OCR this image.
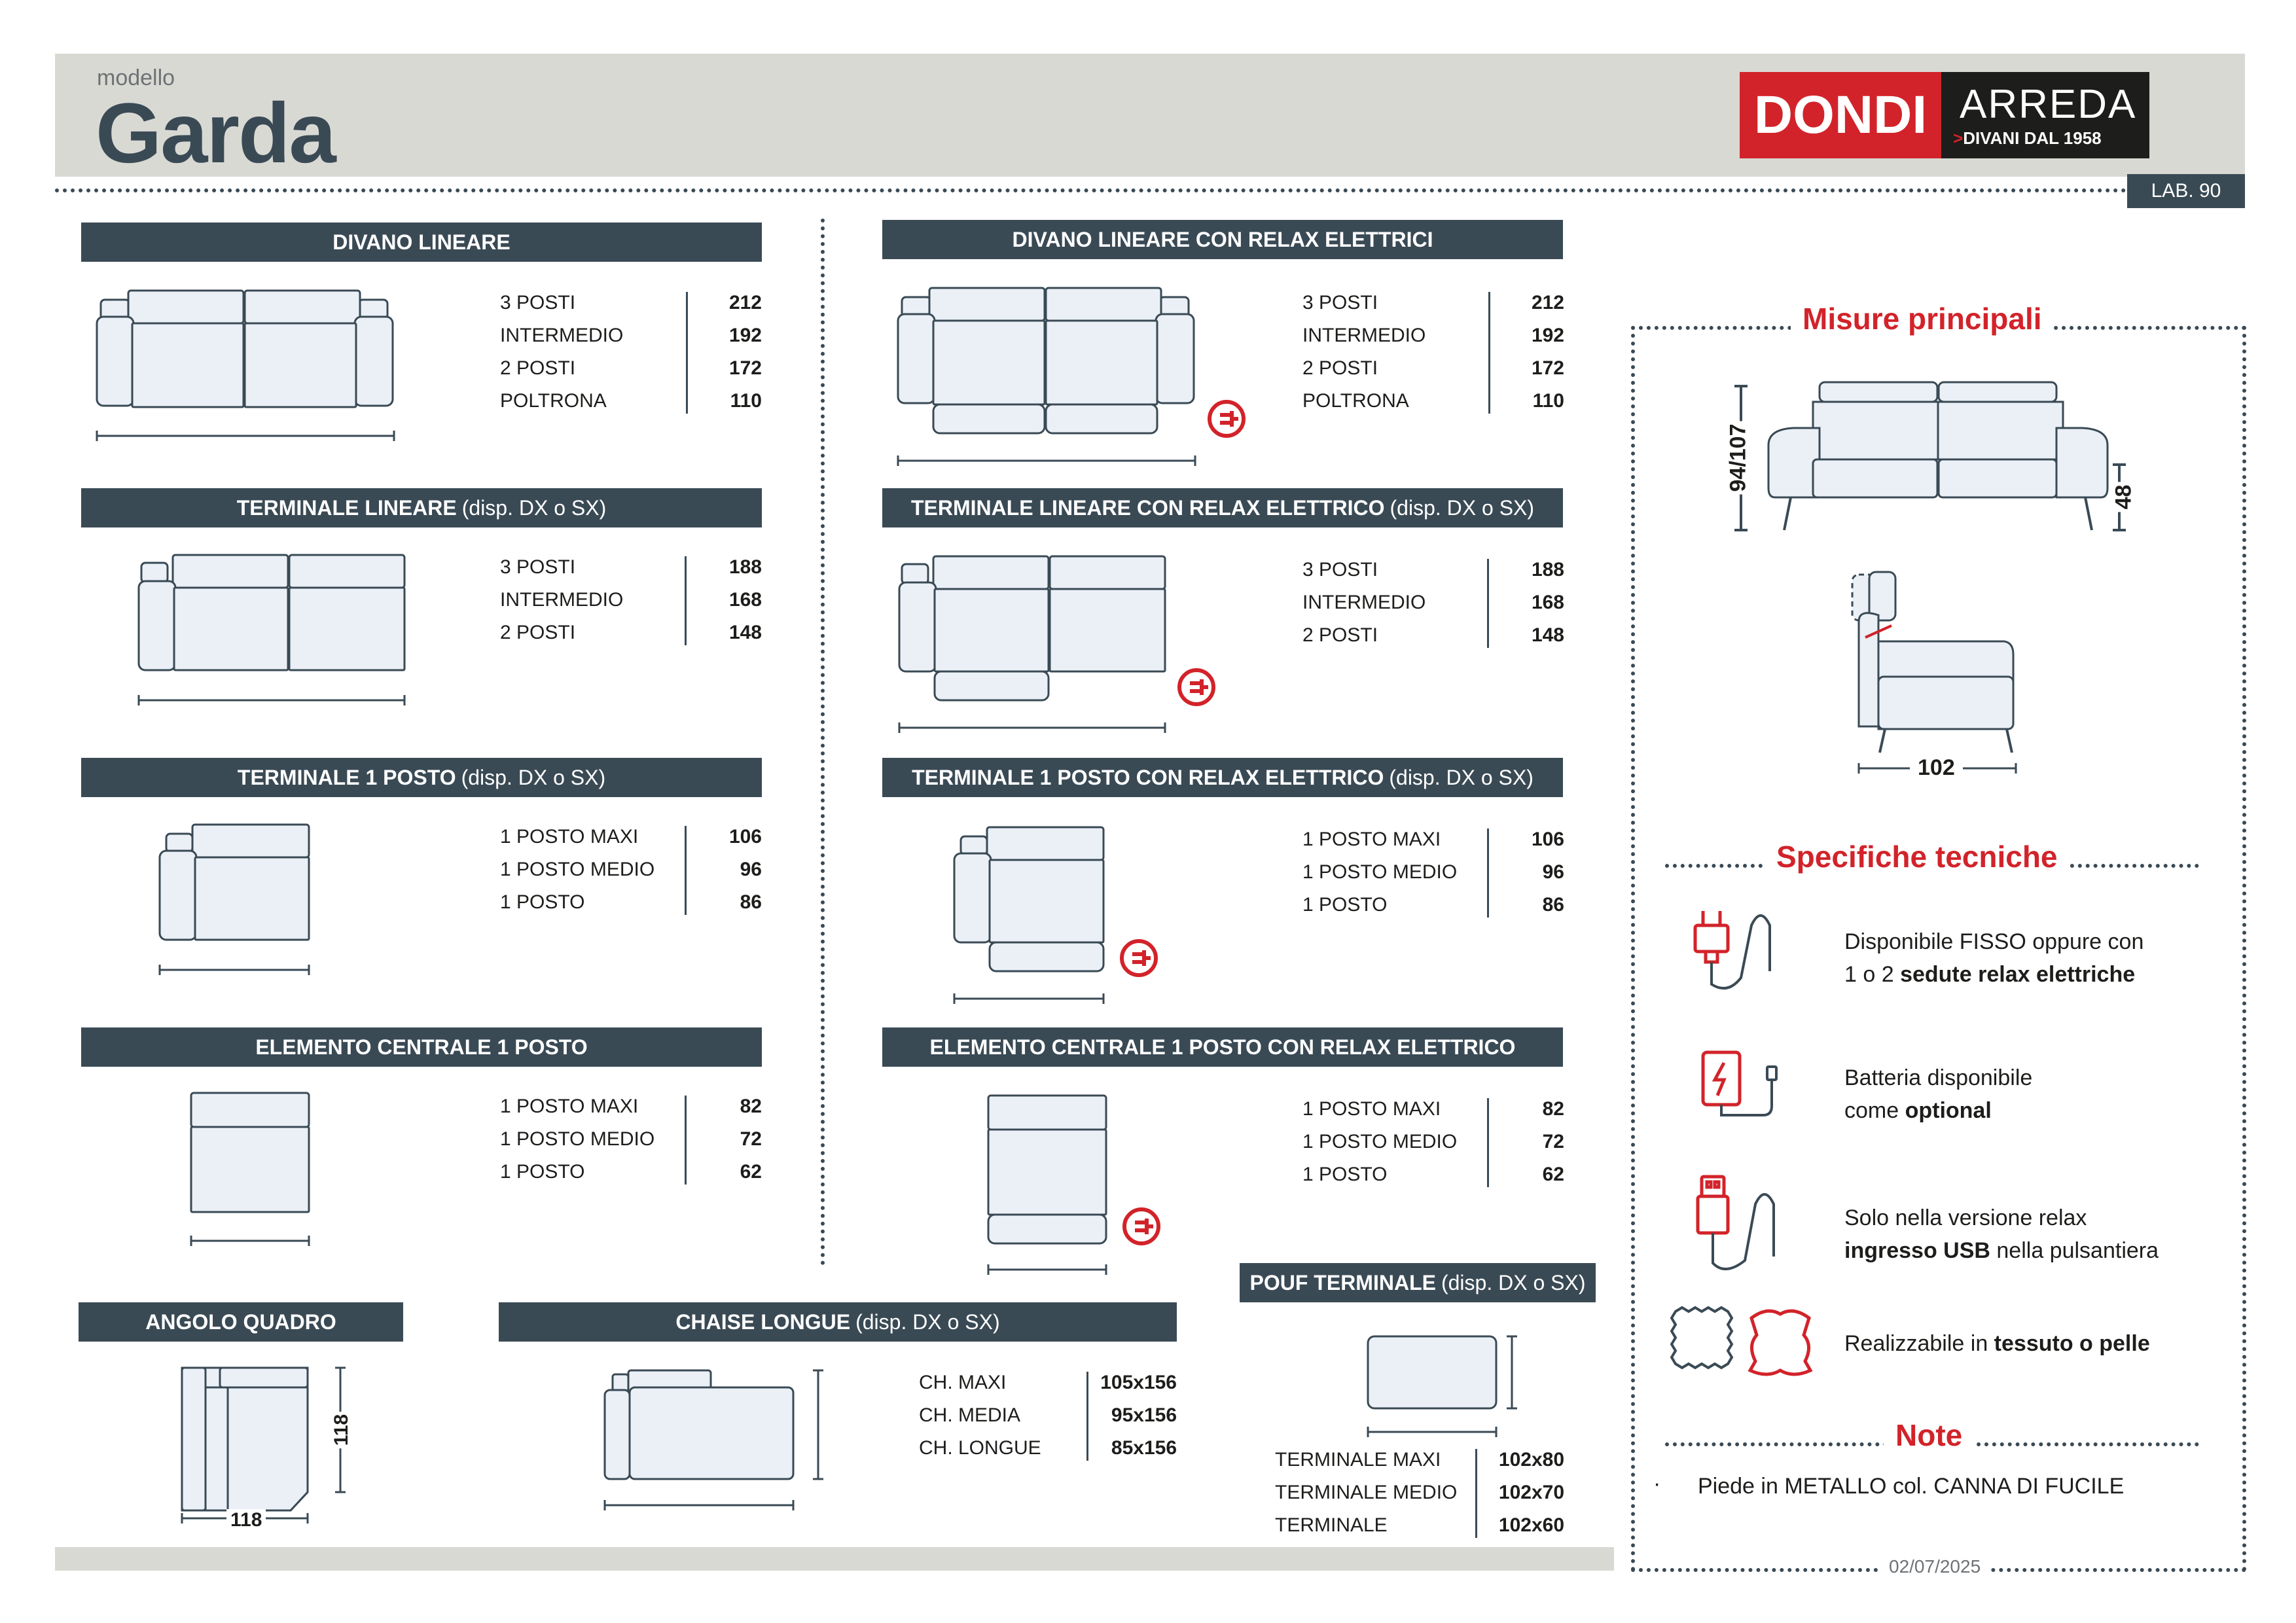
modello
Garda	DONDI ARREDA
>DIVANI DAL 1958
LAB. 90
DIVANO LINEARE
3 POSTI
INTERMEDIO
2 POSTI
POLTRONA
212
192
172
110
TERMINALE LINEARE (disp. DX o SX)
3 POSTI
INTERMEDIO
2 POSTI
188
168
148
TERMINALE 1 POSTO (disp. DX o SX)
1 POSTO MAXI
1 POSTO MEDIO
1 POSTO
106
96
86
ELEMENTO CENTRALE 1 POSTO
1 POSTO MAXI
1 POSTO MEDIO
1 POSTO
82
72
62
DIVANO LINEARE CON RELAX ELETTRICI
3 POSTI
INTERMEDIO
2 POSTI
POLTRONA
212
192
172
110
TERMINALE LINEARE CON RELAX ELETTRICO (disp. DX o SX)
3 POSTI
INTERMEDIO
2 POSTI
188
168
148
TERMINALE 1 POSTO CON RELAX ELETTRICO (disp. DX o SX)
1 POSTO MAXI
1 POSTO MEDIO
1 POSTO
106
96
86
ELEMENTO CENTRALE 1 POSTO CON RELAX ELETTRICO
1 POSTO MAXI
1 POSTO MEDIO
1 POSTO
82
72
62
ANGOLO QUADRO
118
118
CHAISE LONGUE (disp. DX o SX)
CH. MAXI
CH. MEDIA
CH. LONGUE
105x156
95x156
85x156
POUF TERMINALE (disp. DX o SX)
TERMINALE MAXI
TERMINALE MEDIO
TERMINALE
102x80
102x70
102x60
Misure principali
94/107
48
102
Specifiche tecniche
Disponibile FISSO oppure con
1 o 2 sedute relax elettriche
Batteria disponibile
come optional
Solo nella versione relax
ingresso USB nella pulsantiera
Realizzabile in tessuto o pelle
Note
· Piede in METALLO col. CANNA DI FUCILE
02/07/2025
